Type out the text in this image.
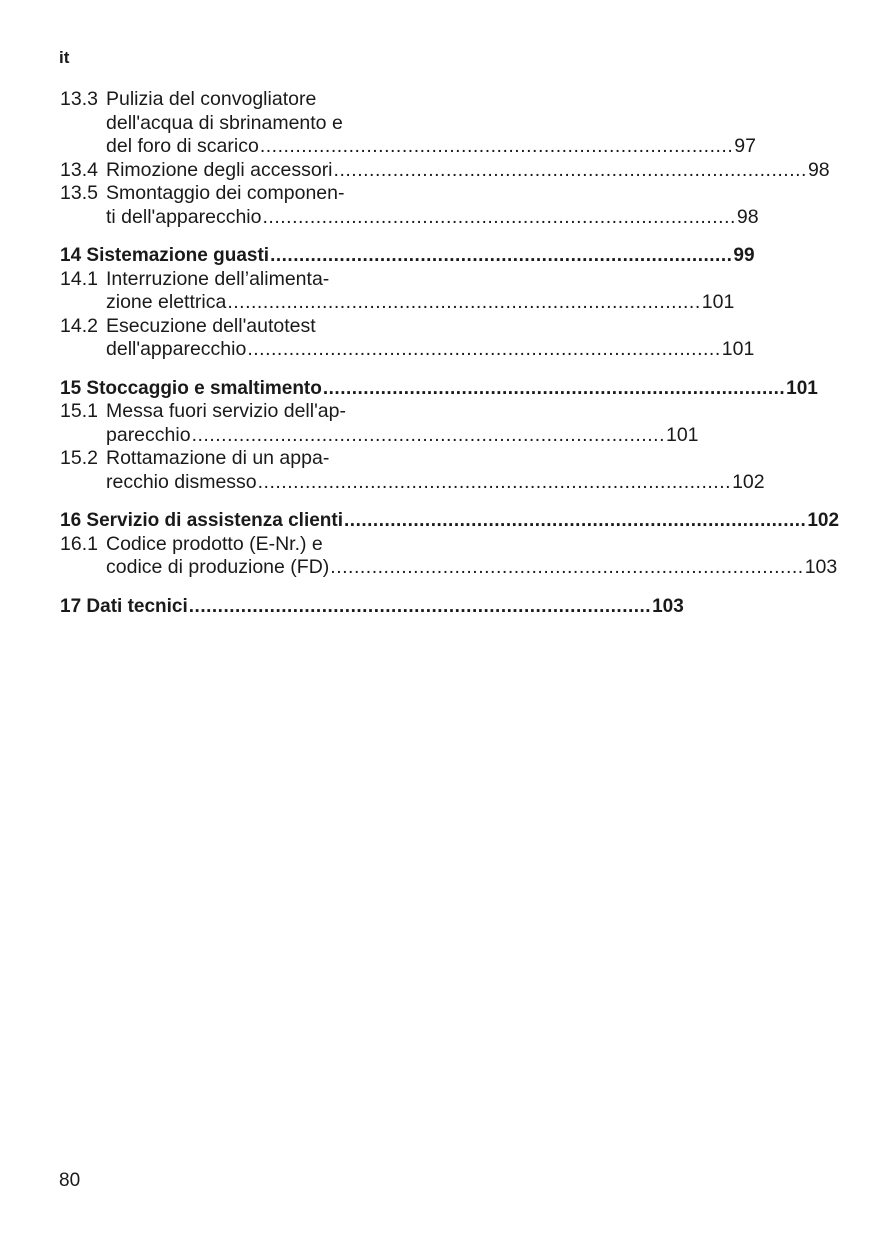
it
13.3 Pulizia del convogliatore
dell'acqua di sbrinamento e
del foro di scarico ................................................................................ 97
13.4 Rimozione degli accessori ................................................................................ 98
13.5 Smontaggio dei componen-
ti dell'apparecchio ................................................................................ 98
14 Sistemazione guasti ................................................................................ 99
14.1 Interruzione dell’alimenta-
zione elettrica ................................................................................ 101
14.2 Esecuzione dell'autotest
dell'apparecchio ................................................................................ 101
15 Stoccaggio e smaltimento ................................................................................ 101
15.1 Messa fuori servizio dell'ap-
parecchio ................................................................................ 101
15.2 Rottamazione di un appa-
recchio dismesso ................................................................................ 102
16 Servizio di assistenza clienti ................................................................................ 102
16.1 Codice prodotto (E-Nr.) e
codice di produzione (FD) ................................................................................ 103
17 Dati tecnici ................................................................................ 103
80
